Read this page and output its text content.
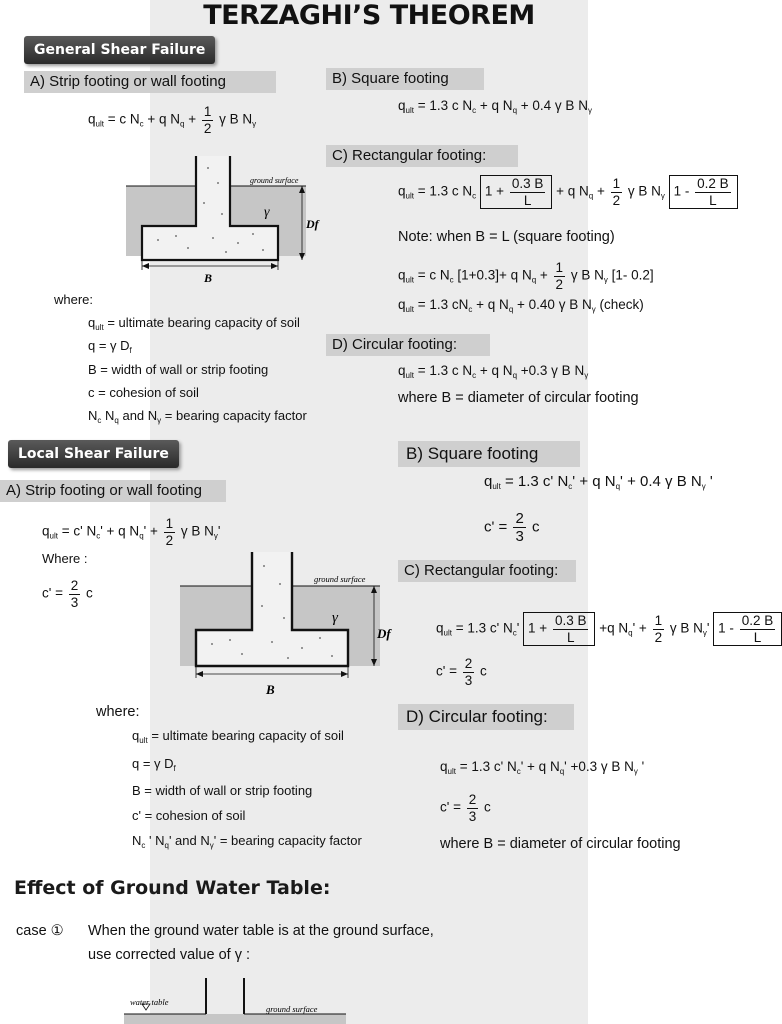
TERZAGHI’S THEOREM
General Shear Failure
A) Strip footing or wall footing
$q_{ult} = c$ $N_c + q$ $N_q + \frac{1}{2}$ γ B $N_\gamma$
ground surface
γ
Df
B
where:
$q_{ult}$ = ultimate bearing capacity of soil
q = γ $D_f$
B = width of wall or strip footing
c = cohesion of soil
$N_c$ $N_q$ and $N_\gamma$ = bearing capacity factor
B) Square footing
$q_{ult} = 1.3$ c $N_c + q$ $N_q + 0.4$ γ B $N_\gamma$
C) Rectangular footing:
$q_{ult} = 1.3$ c $N_c$ $1 + \frac{0.3 B}{L} + q$ $N_q + \frac{1}{2}$ γ B $N_\gamma$ $1 - \frac{0.2 B}{L}$
Note: when B = L (square footing)
$q_{ult} = c$ $N_c$ [1+0.3]+ q $N_q + \frac{1}{2}$ γ B $N_\gamma$ [1- 0.2]
$q_{ult} = 1.3$ $cN_c + q$ $N_q + 0.40$ γ B $N_\gamma$ (check)
D) Circular footing:
$q_{ult} = 1.3$ c $N_c + q$ $N_q +0.3$ γ B $N_\gamma$
where B = diameter of circular footing
Local Shear Failure
A) Strip footing or wall footing
$q_{ult} = c'$ $N_c' + q$ $N_q' + \frac{1}{2}$ γ B $N_\gamma'$
Where :
$c' = \frac{2}{3}$ c
ground surface
γ
Df
B
where:
$q_{ult}$ = ultimate bearing capacity of soil
q = γ $D_f$
B = width of wall or strip footing
c' = cohesion of soil
$N_c$ ' $N_q'$ and $N_\gamma'$ = bearing capacity factor
B) Square footing
$q_{ult} = 1.3$ c' $N_c' + q$ $N_q' + 0.4$ γ B $N_\gamma$ '
$c' = \frac{2}{3}$ c
C) Rectangular footing:
$q_{ult} = 1.3$ c' $N_c'$ $1 + \frac{0.3 B}{L} +q$ $N_q' + \frac{1}{2}$ γ B $N_\gamma'$ $1 - \frac{0.2 B}{L}$
$c' = \frac{2}{3}$ c
D) Circular footing:
$q_{ult} = 1.3$ c' $N_c' + q$ $N_q' +0.3$ γ B $N_\gamma$ '
$c' = \frac{2}{3}$ c
where B = diameter of circular footing
Effect of Ground Water Table:
case ① When the ground water table is at the ground surface,
use corrected value of γ :
water table
ground surface
